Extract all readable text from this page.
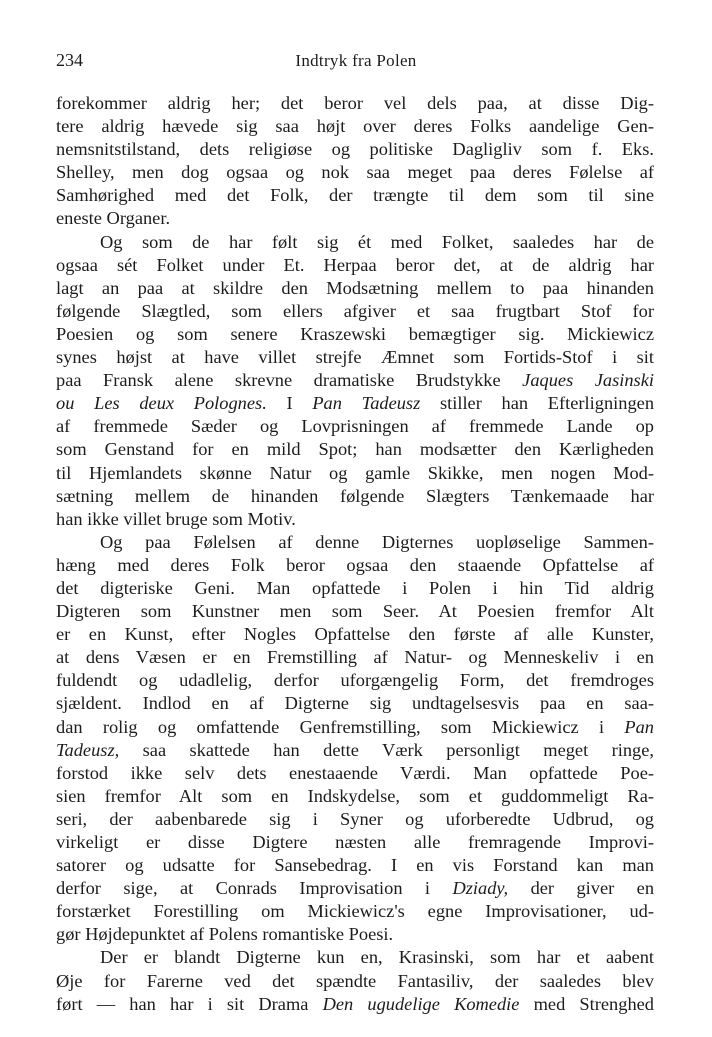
234	Indtryk fra Polen
forekommer aldrig her; det beror vel dels paa, at disse Dig-
tere aldrig hævede sig saa højt over deres Folks aandelige Gen-
nemsnitstilstand, dets religiøse og politiske Dagligliv som f. Eks.
Shelley, men dog ogsaa og nok saa meget paa deres Følelse af
Samhørighed med det Folk, der trængte til dem som til sine
eneste Organer.
Og som de har følt sig ét med Folket, saaledes har de
ogsaa sét Folket under Et. Herpaa beror det, at de aldrig har
lagt an paa at skildre den Modsætning mellem to paa hinanden
følgende Slægtled, som ellers afgiver et saa frugtbart Stof for
Poesien og som senere Kraszewski bemægtiger sig. Mickiewicz
synes højst at have villet strejfe Æmnet som Fortids-Stof i sit
paa Fransk alene skrevne dramatiske Brudstykke Jaques Jasinski
ou Les deux Polognes. I Pan Tadeusz stiller han Efterligningen
af fremmede Sæder og Lovprisningen af fremmede Lande op
som Genstand for en mild Spot; han modsætter den Kærligheden
til Hjemlandets skønne Natur og gamle Skikke, men nogen Mod-
sætning mellem de hinanden følgende Slægters Tænkemaade har
han ikke villet bruge som Motiv.
Og paa Følelsen af denne Digternes uopløselige Sammen-
hæng med deres Folk beror ogsaa den staaende Opfattelse af
det digteriske Geni. Man opfattede i Polen i hin Tid aldrig
Digteren som Kunstner men som Seer. At Poesien fremfor Alt
er en Kunst, efter Nogles Opfattelse den første af alle Kunster,
at dens Væsen er en Fremstilling af Natur- og Menneskeliv i en
fuldendt og udadlelig, derfor uforgængelig Form, det fremdroges
sjældent. Indlod en af Digterne sig undtagelsesvis paa en saa-
dan rolig og omfattende Genfremstilling, som Mickiewicz i Pan
Tadeusz, saa skattede han dette Værk personligt meget ringe,
forstod ikke selv dets enestaaende Værdi. Man opfattede Poe-
sien fremfor Alt som en Indskydelse, som et guddommeligt Ra-
seri, der aabenbarede sig i Syner og uforberedte Udbrud, og
virkeligt er disse Digtere næsten alle fremragende Improvi-
satorer og udsatte for Sansebedrag. I en vis Forstand kan man
derfor sige, at Conrads Improvisation i Dziady, der giver en
forstærket Forestilling om Mickiewicz's egne Improvisationer, ud-
gør Højdepunktet af Polens romantiske Poesi.
Der er blandt Digterne kun en, Krasinski, som har et aabent
Øje for Farerne ved det spændte Fantasiliv, der saaledes blev
ført — han har i sit Drama Den ugudelige Komedie med Strenghed
